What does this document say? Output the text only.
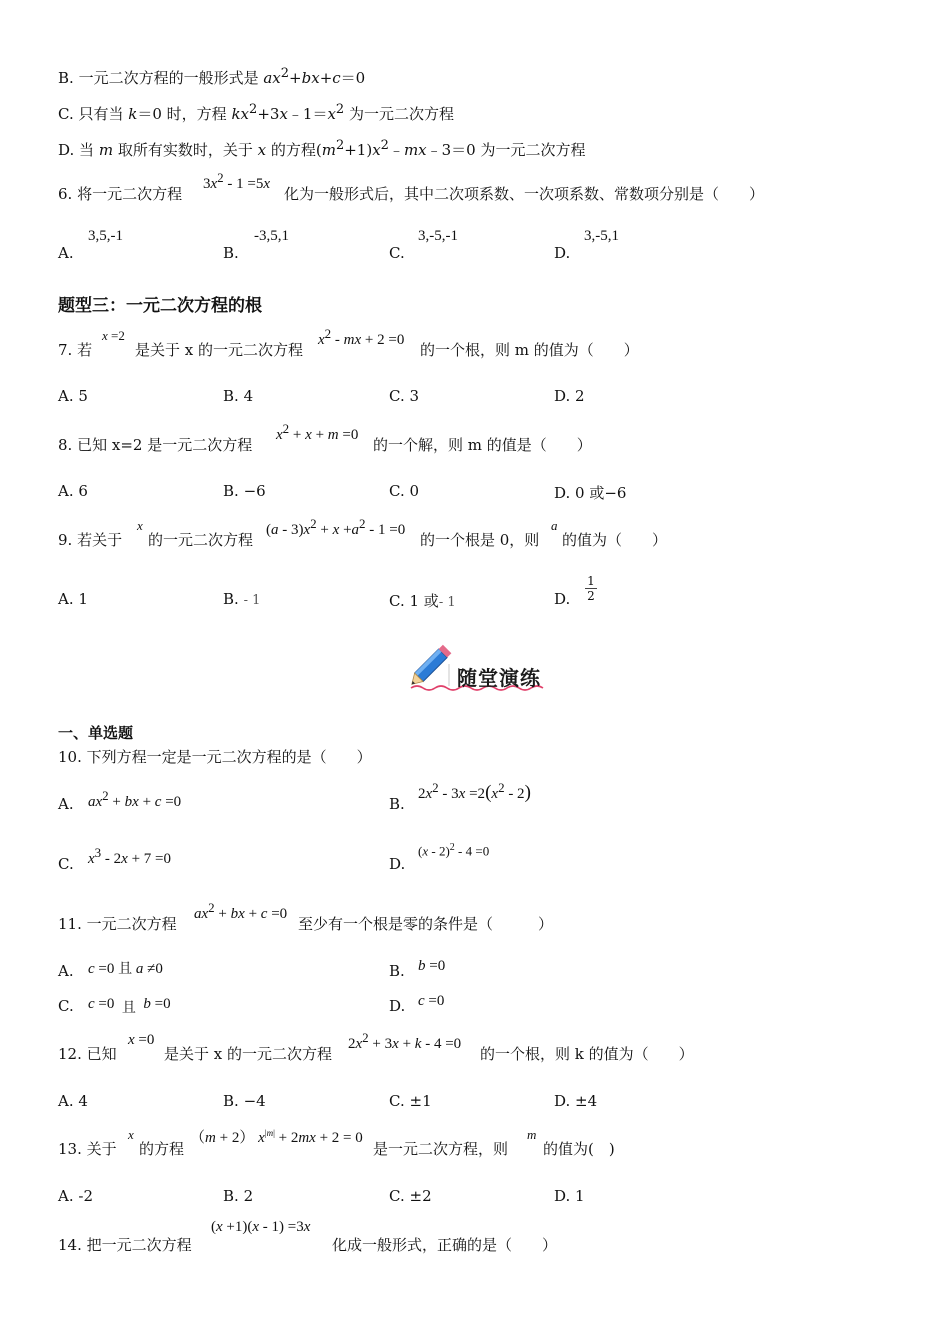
B. 一元二次方程的一般形式是 $ax^2+bx+c=0$
C. 只有当 k＝0 时，方程 $kx^2+3x﹣1=x^2$ 为一元二次方程
D. 当 m 取所有实数时，关于 x 的方程$(m^2+1)x^2﹣mx﹣3=0$ 为一元二次方程
6. 将一元二次方程
$3x^2 - 1 =5x$
化为一般形式后，其中二次项系数、一次项系数、常数项分别是（　　）
A.
3,5,-1
B.
-3,5,1
C.
3,-5,-1
D.
3,-5,1
题型三：一元二次方程的根
7. 若
x =2
是关于 x 的一元二次方程
$x^2$ - mx + 2 =0
的一个根，则 m 的值为（　　）
A. 5	B. 4	C. 3	D. 2
8. 已知 x=2 是一元二次方程
$x^2 + x + m =0$
的一个解，则 m 的值是（　　）
A. 6	B. −6	C. 0	D. 0 或−6
9. 若关于
x
的一元二次方程
$(a - 3)x^2 + x +a^2 - 1 =0$
的一个根是 0，则
a
的值为（　　）
A. 1	B. - 1	C. 1 或- 1	D.
1
2
随堂演练
一、单选题
10. 下列方程一定是一元二次方程的是（　　）
A. $ax^2$ + bx + c =0	B.
$2x^2 - 3x =2(x^2 - 2)$
C. $x^3 - 2x + 7 =0$	D.
(x - 2)$^2$ - 4 =0
11. 一元二次方程
$ax^2$ + bx + c =0
至少有一个根是零的条件是（　　　）
A. c =0 且 a ≠0	B. b =0
C. c =0  且 b =0	D. c =0
12. 已知
x =0
是关于 x 的一元二次方程
$2x^2 + 3x + k - 4 =0$
的一个根，则 k 的值为（　　）
A. 4	B. −4	C. ±1	D. ±4
13. 关于
x
的方程
（m + 2） $x^{|m|} + 2mx + 2 = 0$
是一元二次方程，则
m
的值为(　)
A. -2	B. 2	C. ±2	D. 1
14. 把一元二次方程
(x +1)(x - 1) =3x
化成一般形式，正确的是（　　）
